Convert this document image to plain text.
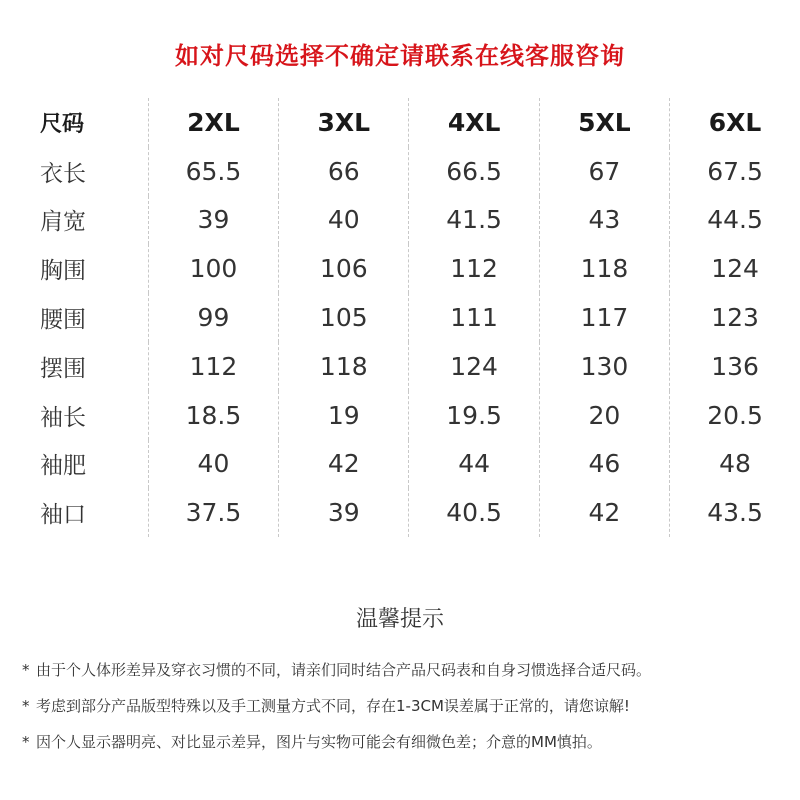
如对尺码选择不确定请联系在线客服咨询
尺码	2XL	3XL	4XL	5XL	6XL
衣长	65.5	66	66.5	67	67.5
肩宽	39	40	41.5	43	44.5
胸围	100	106	112	118	124
腰围	99	105	111	117	123
摆围	112	118	124	130	136
袖长	18.5	19	19.5	20	20.5
袖肥	40	42	44	46	48
袖口	37.5	39	40.5	42	43.5
温馨提示
* 由于个人体形差异及穿衣习惯的不同，请亲们同时结合产品尺码表和自身习惯选择合适尺码。
* 考虑到部分产品版型特殊以及手工测量方式不同，存在1-3CM误差属于正常的，请您谅解!
* 因个人显示器明亮、对比显示差异，图片与实物可能会有细微色差；介意的MM慎拍。
